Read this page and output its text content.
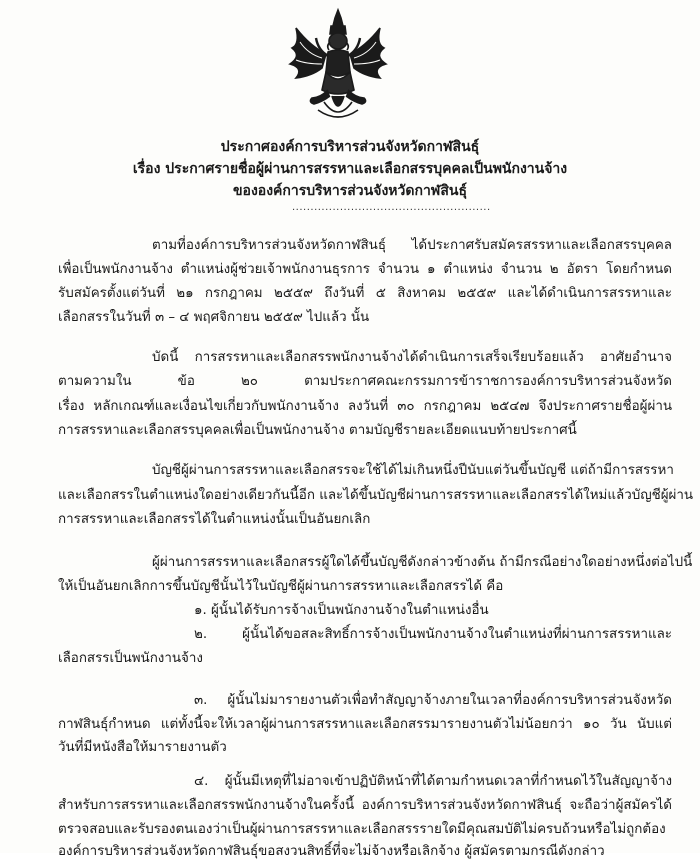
ประกาศองค์การบริหารส่วนจังหวัดกาฬสินธุ์
เรื่อง ประกาศรายชื่อผู้ผ่านการสรรหาและเลือกสรรบุคคลเป็นพนักงานจ้าง
ขององค์การบริหารส่วนจังหวัดกาฬสินธุ์
......................................................
ตามที่องค์การบริหารส่วนจังหวัดกาฬสินธุ์ ได้ประกาศรับสมัครสรรหาและเลือกสรรบุคคล
เพื่อเป็นพนักงานจ้าง ตำแหน่งผู้ช่วยเจ้าพนักงานธุรการ จำนวน ๑ ตำแหน่ง จำนวน ๒ อัตรา โดยกำหนด
รับสมัครตั้งแต่วันที่ ๒๑ กรกฎาคม ๒๕๕๙ ถึงวันที่ ๕ สิงหาคม ๒๕๕๙ และได้ดำเนินการสรรหาและ
เลือกสรรในวันที่ ๓ – ๔ พฤศจิกายน ๒๕๕๙ ไปแล้ว นั้น
บัดนี้ การสรรหาและเลือกสรรพนักงานจ้างได้ดำเนินการเสร็จเรียบร้อยแล้ว อาศัยอำนาจ
ตามความใน ข้อ ๒๐ ตามประกาศคณะกรรมการข้าราชการองค์การบริหารส่วนจังหวัด
เรื่อง หลักเกณฑ์และเงื่อนไขเกี่ยวกับพนักงานจ้าง ลงวันที่ ๓๐ กรกฎาคม ๒๕๔๗ จึงประกาศรายชื่อผู้ผ่าน
การสรรหาและเลือกสรรบุคคลเพื่อเป็นพนักงานจ้าง ตามบัญชีรายละเอียดแนบท้ายประกาศนี้
บัญชีผู้ผ่านการสรรหาและเลือกสรรจะใช้ได้ไม่เกินหนึ่งปีนับแต่วันขึ้นบัญชี แต่ถ้ามีการสรรหา
และเลือกสรรในตำแหน่งใดอย่างเดียวกันนี้อีก และได้ขึ้นบัญชีผ่านการสรรหาและเลือกสรรได้ใหม่แล้วบัญชีผู้ผ่าน
การสรรหาและเลือกสรรได้ในตำแหน่งนั้นเป็นอันยกเลิก
ผู้ผ่านการสรรหาและเลือกสรรผู้ใดได้ขึ้นบัญชีดังกล่าวข้างต้น ถ้ามีกรณีอย่างใดอย่างหนึ่งต่อไปนี้
ให้เป็นอันยกเลิกการขึ้นบัญชีนั้นไว้ในบัญชีผู้ผ่านการสรรหาและเลือกสรรได้ คือ
๑. ผู้นั้นได้รับการจ้างเป็นพนักงานจ้างในตำแหน่งอื่น
๒. ผู้นั้นได้ขอสละสิทธิ์การจ้างเป็นพนักงานจ้างในตำแหน่งที่ผ่านการสรรหาและ
เลือกสรรเป็นพนักงานจ้าง
๓. ผู้นั้นไม่มารายงานตัวเพื่อทำสัญญาจ้างภายในเวลาที่องค์การบริหารส่วนจังหวัด
กาฬสินธุ์กำหนด แต่ทั้งนี้จะให้เวลาผู้ผ่านการสรรหาและเลือกสรรมารายงานตัวไม่น้อยกว่า ๑๐ วัน นับแต่
วันที่มีหนังสือให้มารายงานตัว
๔. ผู้นั้นมีเหตุที่ไม่อาจเข้าปฏิบัติหน้าที่ได้ตามกำหนดเวลาที่กำหนดไว้ในสัญญาจ้าง
สำหรับการสรรหาและเลือกสรรพนักงานจ้างในครั้งนี้ องค์การบริหารส่วนจังหวัดกาฬสินธุ์ จะถือว่าผู้สมัครได้
ตรวจสอบและรับรองตนเองว่าเป็นผู้ผ่านการสรรหาและเลือกสรรรายใดมีคุณสมบัติไม่ครบถ้วนหรือไม่ถูกต้อง
องค์การบริหารส่วนจังหวัดกาฬสินธุ์ขอสงวนสิทธิ์ที่จะไม่จ้างหรือเลิกจ้าง ผู้สมัครตามกรณีดังกล่าว
